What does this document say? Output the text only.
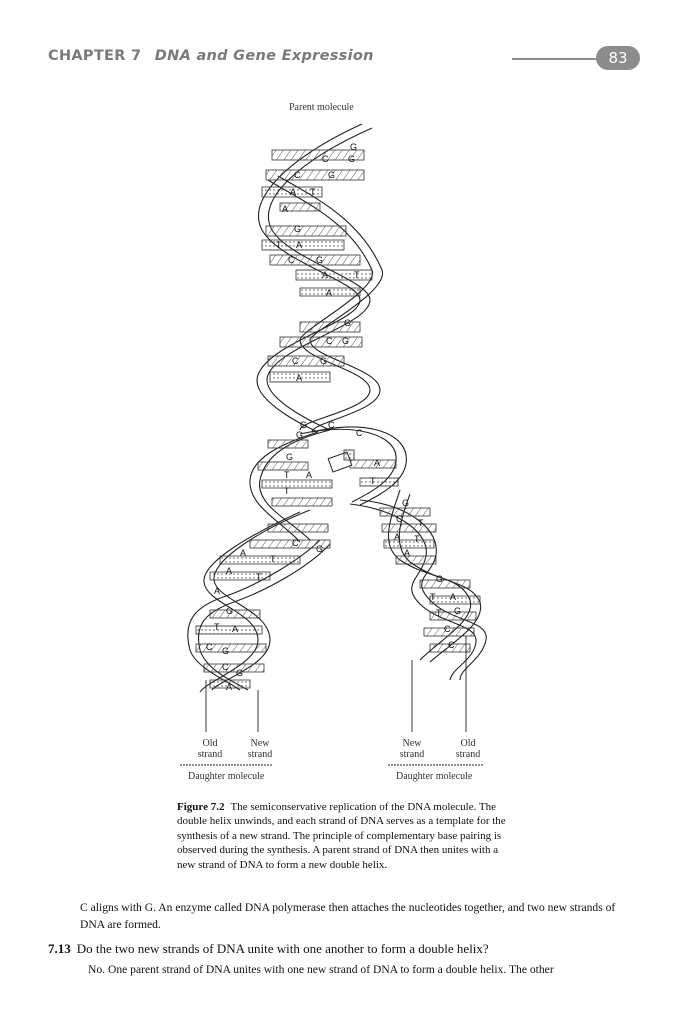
CHAPTER 7 DNA and Gene Expression	83
G
C G
C	G
A T
A
G
T A
C G
A	T
A
G
C G
C G
A
G C
C
G
G
T A
T
A
T
C
G
A
T
A
T
A
G
T A
C G
C
G
A
G
C T
A T
A
G
T A
T G
C
C
Parent molecule
Old
strand
New
strand
New
strand
Old
strand
Daughter molecule	Daughter molecule
Figure 7.2 The semiconservative replication of the DNA molecule. The double helix unwinds, and each strand of DNA serves as a template for the synthesis of a new strand. The principle of complementary base pairing is observed during the synthesis. A parent strand of DNA then unites with a new strand of DNA to form a new double helix.
C aligns with G. An enzyme called DNA polymerase then attaches the nucleotides together, and two new strands of DNA are formed.
7.13 Do the two new strands of DNA unite with one another to form a double helix?
No. One parent strand of DNA unites with one new strand of DNA to form a double helix. The other
